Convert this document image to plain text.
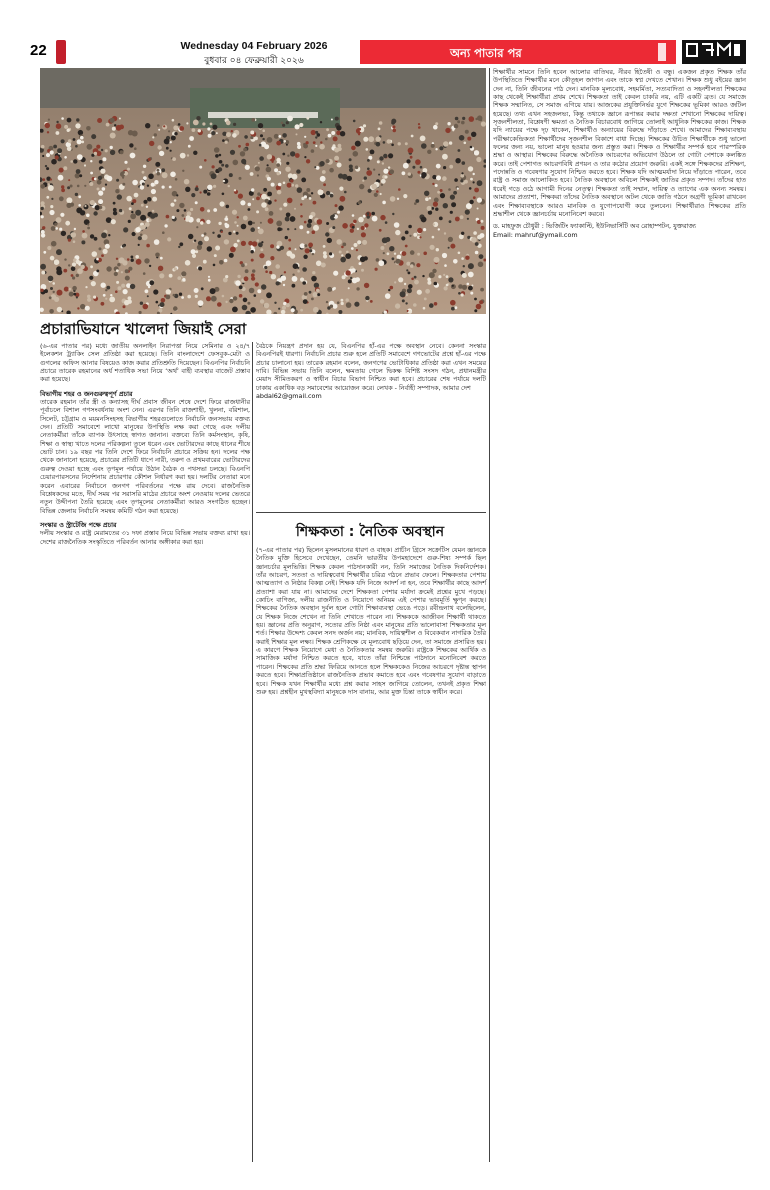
22	Wednesday 04 February 2026
বুধবার ০৪ ফেব্রুয়ারী ২০২৬
অন্য পাতার পর
প্রচারাভিযানে খালেদা জিয়াই সেরা

(৬-এর পাতার পর) মধ্যে জাতীয় অনলাইন নিরাপত্তা নিয়ে সেমিনার ও ২৪/৭ ইলেকশন ট্র্যাকিং সেল প্রতিষ্ঠা করা হয়েছে। তিনি বাংলাদেশে ফেসবুক-মেটা ও গুগলের অফিস আনার বিষয়েও কাজ করার প্রতিশ্রুতি দিয়েছেন। বিএনপির নির্বাচনি প্রচারে তারেক রহমানের অর্ধ শতাধিক সভা নিয়ে ‘অর্থ’ বাহী ব্যবস্থার বাজেট প্রস্তাব করা হয়েছে।

বিভাগীয় শহর ও জনগুরুত্বপূর্ণ প্রচার

তারেক রহমান তাঁর স্ত্রী ও কন্যাসহ দীর্ঘ প্রবাস জীবন শেষে দেশে ফিরে রাজধানীর পূর্বাচলে বিশাল গণসংবর্ধনায় অংশ নেন। এরপর তিনি রাজশাহী, খুলনা, বরিশাল, সিলেট, চট্টগ্রাম ও ময়মনসিংহসহ বিভাগীয় শহরগুলোতে নির্বাচনি জনসভায় বক্তব্য দেন। প্রতিটি সমাবেশে লাখো মানুষের উপস্থিতি লক্ষ করা গেছে এবং দলীয় নেতাকর্মীরা তাঁকে ব্যাপক উৎসাহে স্বাগত জানান। বক্তব্যে তিনি কর্মসংস্থান, কৃষি, শিক্ষা ও স্বাস্থ্য খাতে দলের পরিকল্পনা তুলে ধরেন এবং ভোটারদের কাছে ধানের শীষে ভোট চান। ১৯ বছর পর তিনি দেশে ফিরে নির্বাচনি প্রচারে সক্রিয় হন। দলের পক্ষ থেকে জানানো হয়েছে, প্রচারের প্রতিটি ধাপে নারী, তরুণ ও প্রথমবারের ভোটারদের গুরুত্ব দেওয়া হচ্ছে এবং তৃণমূল পর্যায়ে উঠান বৈঠক ও পথসভা চলছে। বিএনপি চেয়ারপারসনের নির্দেশনায় প্রচারণার কৌশল নির্ধারণ করা হয়। দলটির নেতারা মনে করেন এবারের নির্বাচনে জনগণ পরিবর্তনের পক্ষে রায় দেবে। রাজনৈতিক বিশ্লেষকদের মতে, দীর্ঘ সময় পর সরাসরি মাঠের প্রচারে অংশ নেওয়ায় দলের ভেতরে নতুন উদ্দীপনা তৈরি হয়েছে এবং তৃণমূলের নেতাকর্মীরা আরও সংগঠিত হচ্ছেন। বিভিন্ন জেলায় নির্বাচনি সমন্বয় কমিটি গঠন করা হয়েছে।

সংস্কার ও স্ট্রাটেজি পক্ষে প্রচার

দলীয় সংস্কার ও রাষ্ট্র মেরামতের ৩১ দফা প্রস্তাব নিয়ে বিভিন্ন সভায় বক্তব্য রাখা হয়। দেশের রাজনৈতিক সংস্কৃতিতে পরিবর্তন আনার অঙ্গীকার করা হয়।

বৈঠকে নিয়ন্ত্রণ প্রদান হয় যে, বিএনপির হাঁ-এর পক্ষে অবস্থান নেবে। কেননা সংস্কার বিএনপিরই ধারণা। নির্বাচনি প্রচার শুরু হলে প্রতিটি সমাবেশে গণভোটের প্রশ্নে হাঁ-এর পক্ষে প্রচার চালানো হয়। তারেক রহমান বলেন, জনগণের ভোটাধিকার প্রতিষ্ঠা করা এখন সময়ের দাবি। বিভিন্ন সভায় তিনি বলেন, ক্ষমতায় গেলে দ্বিকক্ষ বিশিষ্ট সংসদ গঠন, প্রধানমন্ত্রীর মেয়াদ সীমিতকরণ ও স্বাধীন বিচার বিভাগ নিশ্চিত করা হবে। প্রচারের শেষ পর্যায়ে দলটি ঢাকায় একাধিক বড় সমাবেশের আয়োজন করে। লেখক - নির্বাহী সম্পাদক, আমার দেশ

abdal62@gmail.com

শিক্ষকতা : নৈতিক অবস্থান

(৭-এর পাতার পর) ছিলেন মুসলমানের ধারণ ও বাহক। প্রাচীন গ্রিসে সক্রেটিস যেমন জ্ঞানকে নৈতিক মুক্তি হিসেবে দেখেছেন, তেমনি ভারতীয় উপমহাদেশে গুরু-শিষ্য সম্পর্ক ছিল জ্ঞানচর্চার মূলভিত্তি। শিক্ষক কেবল পাঠদানকারী নন, তিনি সমাজের নৈতিক দিকনির্দেশক। তাঁর আচরণ, সততা ও দায়িত্ববোধ শিক্ষার্থীর চরিত্র গঠনে প্রভাব ফেলে। শিক্ষকতার পেশায় আত্মত্যাগ ও নিষ্ঠার বিকল্প নেই। শিক্ষক যদি নিজে আদর্শ না হন, তবে শিক্ষার্থীর কাছে আদর্শ প্রত্যাশা করা যায় না। আমাদের দেশে শিক্ষকতা পেশার মর্যাদা ক্রমেই প্রশ্নের মুখে পড়ছে। কোচিং বাণিজ্য, দলীয় রাজনীতি ও নিয়োগে অনিয়ম এই পেশার ভাবমূর্তি ক্ষুণ্ন করছে। শিক্ষকের নৈতিক অবস্থান দুর্বল হলে গোটা শিক্ষাব্যবস্থা ভেঙে পড়ে। রবীন্দ্রনাথ বলেছিলেন, যে শিক্ষক নিজে শেখেন না তিনি শেখাতে পারেন না। শিক্ষককে আজীবন শিক্ষার্থী থাকতে হয়। জ্ঞানের প্রতি অনুরাগ, সত্যের প্রতি নিষ্ঠা এবং মানুষের প্রতি ভালোবাসা শিক্ষকতার মূল শর্ত। শিক্ষার উদ্দেশ্য কেবল সনদ অর্জন নয়; মানবিক, দায়িত্বশীল ও বিবেকবান নাগরিক তৈরি করাই শিক্ষার মূল লক্ষ্য। শিক্ষক শ্রেণিকক্ষে যে মূল্যবোধ ছড়িয়ে দেন, তা সমাজে প্রসারিত হয়। এ কারণে শিক্ষক নিয়োগে মেধা ও নৈতিকতার সমন্বয় জরুরি। রাষ্ট্রকে শিক্ষকের আর্থিক ও সামাজিক মর্যাদা নিশ্চিত করতে হবে, যাতে তাঁরা নিশ্চিন্তে পাঠদানে মনোনিবেশ করতে পারেন। শিক্ষকের প্রতি শ্রদ্ধা ফিরিয়ে আনতে হলে শিক্ষককেও নিজের আচরণে দৃষ্টান্ত স্থাপন করতে হবে। শিক্ষাপ্রতিষ্ঠানে রাজনৈতিক প্রভাব কমাতে হবে এবং গবেষণার সুযোগ বাড়াতে হবে। শিক্ষক যখন শিক্ষার্থীর মধ্যে প্রশ্ন করার সাহস জাগিয়ে তোলেন, তখনই প্রকৃত শিক্ষা শুরু হয়। প্রশ্নহীন মুখস্থবিদ্যা মানুষকে দাস বানায়, আর মুক্ত চিন্তা তাকে স্বাধীন করে।

শিক্ষার্থীর সামনে তিনি হবেন আলোর বাতিঘর, নীরব হিতৈষী ও বন্ধু। একজন প্রকৃত শিক্ষক তাঁর উপস্থিতিতে শিক্ষার্থীর মনে কৌতূহল জাগান এবং তাকে স্বপ্ন দেখতে শেখান। শিক্ষক শুধু বইয়ের জ্ঞান দেন না, তিনি জীবনের পাঠ দেন। মানবিক মূল্যবোধ, সহমর্মিতা, সত্যবাদিতা ও সহনশীলতা শিক্ষকের কাছ থেকেই শিক্ষার্থীরা প্রথম শেখে। শিক্ষকতা তাই কেবল চাকরি নয়, এটি একটি ব্রত। যে সমাজে শিক্ষক সম্মানিত, সে সমাজ এগিয়ে যায়। আজকের প্রযুক্তিনির্ভর যুগে শিক্ষকের ভূমিকা আরও জটিল হয়েছে। তথ্য এখন সহজলভ্য, কিন্তু তথ্যকে জ্ঞানে রূপান্তর করার দক্ষতা শেখানো শিক্ষকের দায়িত্ব। সৃজনশীলতা, বিশ্লেষণী ক্ষমতা ও নৈতিক বিচারবোধ জাগিয়ে তোলাই আধুনিক শিক্ষকের কাজ। শিক্ষক যদি ন্যায়ের পক্ষে দৃঢ় থাকেন, শিক্ষার্থীও অন্যায়ের বিরুদ্ধে দাঁড়াতে শেখে। আমাদের শিক্ষাব্যবস্থায় পরীক্ষাকেন্দ্রিকতা শিক্ষার্থীদের সৃজনশীল বিকাশে বাধা দিচ্ছে। শিক্ষকের উচিত শিক্ষার্থীকে শুধু ভালো ফলের জন্য নয়, ভালো মানুষ হওয়ার জন্য প্রস্তুত করা। শিক্ষক ও শিক্ষার্থীর সম্পর্ক হবে পারস্পরিক শ্রদ্ধা ও আস্থার। শিক্ষকের বিরুদ্ধে অনৈতিক আচরণের অভিযোগ উঠলে তা গোটা পেশাকে কলঙ্কিত করে। তাই পেশাগত আচরণবিধি প্রণয়ন ও তার কঠোর প্রয়োগ জরুরি। একই সঙ্গে শিক্ষকদের প্রশিক্ষণ, পদোন্নতি ও গবেষণার সুযোগ নিশ্চিত করতে হবে। শিক্ষক যদি আত্মমর্যাদা নিয়ে দাঁড়াতে পারেন, তবে রাষ্ট্র ও সমাজ আলোকিত হবে। নৈতিক অবস্থানে অবিচল শিক্ষকই জাতির প্রকৃত সম্পদ। তাঁদের হাত ধরেই গড়ে ওঠে আগামী দিনের নেতৃত্ব। শিক্ষকতা তাই সম্মান, দায়িত্ব ও ত্যাগের এক অনন্য সমন্বয়। আমাদের প্রত্যাশা, শিক্ষকরা তাঁদের নৈতিক অবস্থানে অটল থেকে জাতি গঠনে অগ্রণী ভূমিকা রাখবেন এবং শিক্ষাব্যবস্থাকে আরও মানবিক ও যুগোপযোগী করে তুলবেন। শিক্ষার্থীরাও শিক্ষকের প্রতি শ্রদ্ধাশীল থেকে জ্ঞানচর্চায় মনোনিবেশ করবে।

ড. মাহফুজ চৌধুরী : ভিজিটিং ফ্যাকাল্টি, ইউনিভার্সিটি অব রোহাম্পটন, যুক্তরাজ্য

Email: mahruf@ymail.com
